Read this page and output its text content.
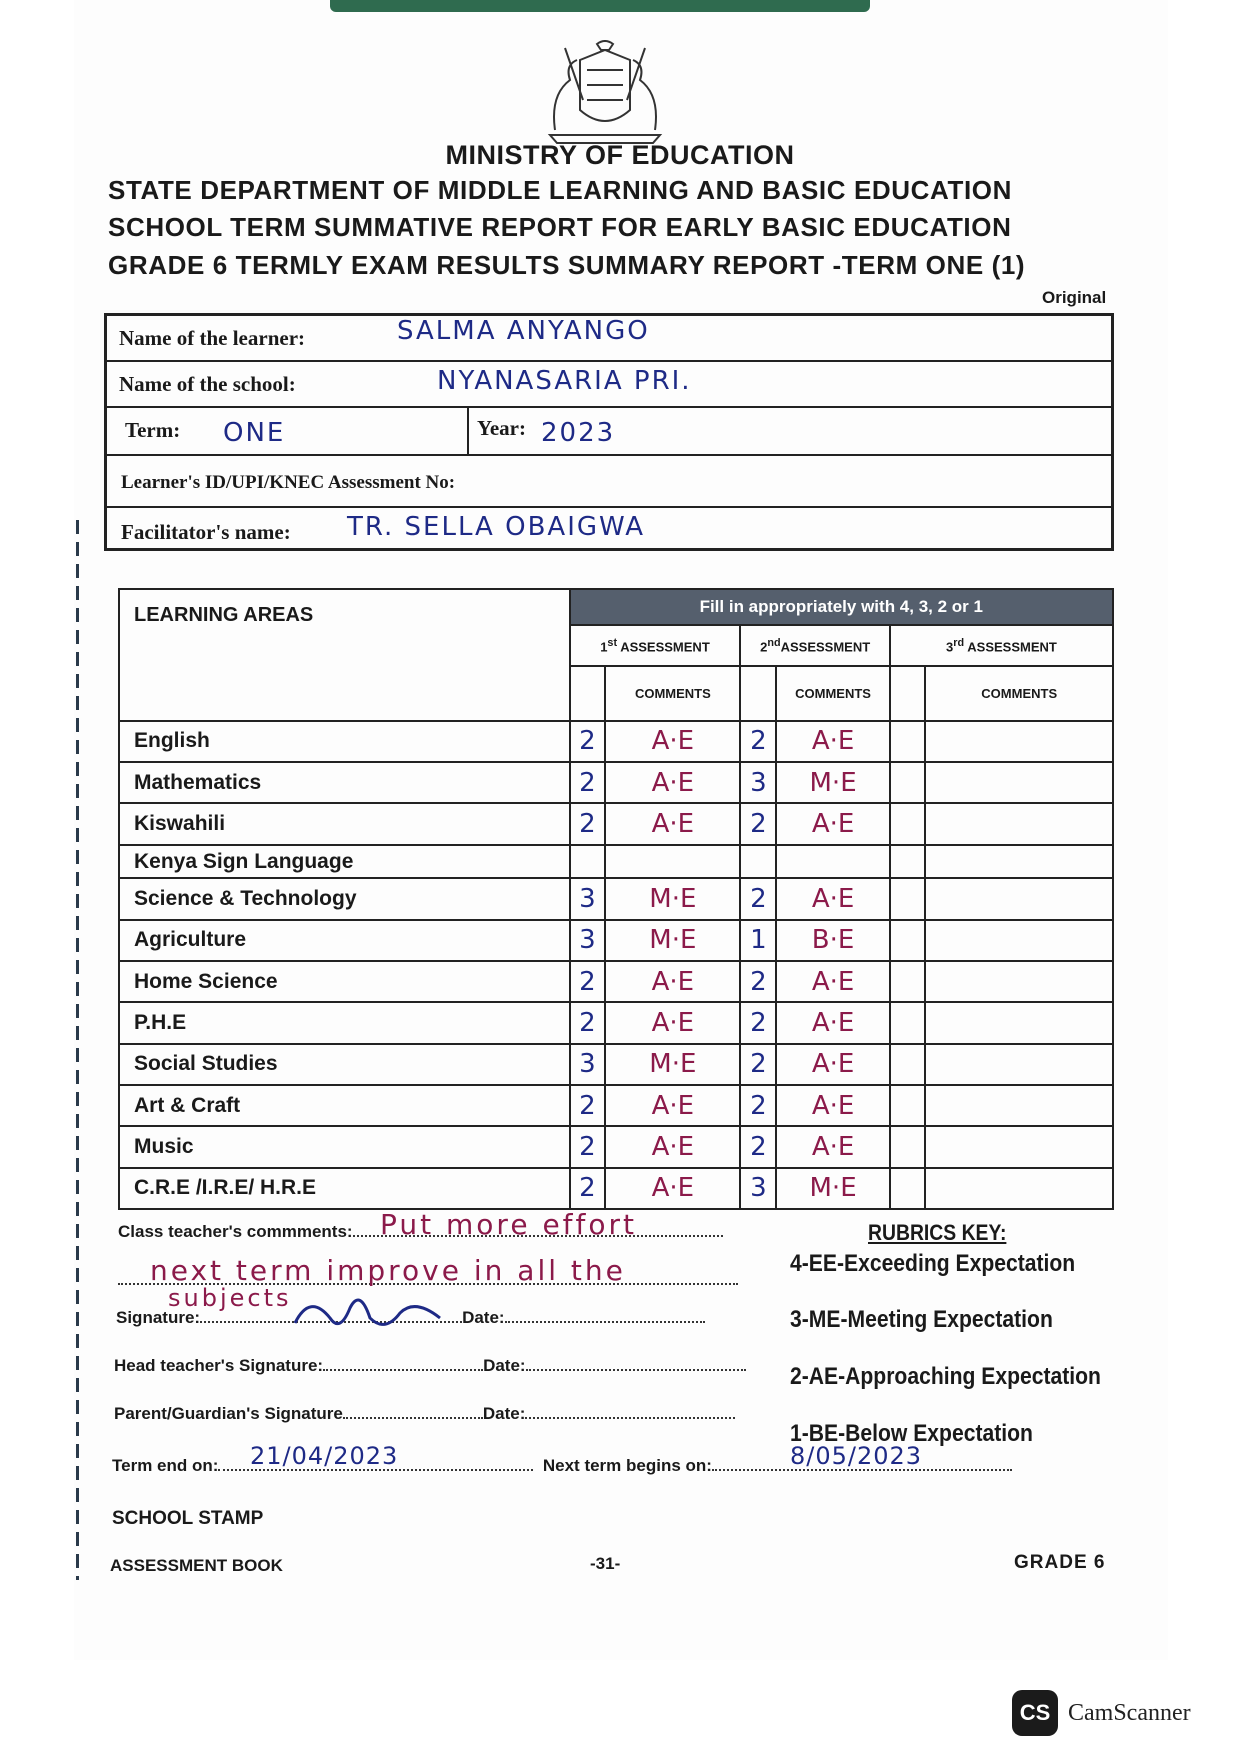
MINISTRY OF EDUCATION
STATE DEPARTMENT OF MIDDLE LEARNING AND BASIC EDUCATION
SCHOOL TERM SUMMATIVE REPORT FOR EARLY BASIC EDUCATION
GRADE 6 TERMLY EXAM RESULTS SUMMARY REPORT -TERM ONE (1)
Original
Name of the learner:	SALMA ANYANGO
Name of the school:	NYANASARIA PRI.
Term: ONE	Year: 2023
Learner's ID/UPI/KNEC Assessment No:
Facilitator's name: TR. SELLA OBAIGWA
LEARNING AREAS	Fill in appropriately with 4, 3, 2 or 1					
	1st ASSESSMENT		2ndASSESSMENT		3rd ASSESSMENT	
		COMMENTS		COMMENTS		COMMENTS
English	2	A·E	2	A·E		
Mathematics	2	A·E	3	M·E		
Kiswahili	2	A·E	2	A·E		
Kenya Sign Language						
Science & Technology	3	M·E	2	A·E		
Agriculture	3	M·E	1	B·E		
Home Science	2	A·E	2	A·E		
P.H.E	2	A·E	2	A·E		
Social Studies	3	M·E	2	A·E		
Art & Craft	2	A·E	2	A·E		
Music	2	A·E	2	A·E		
C.R.E /I.R.E/ H.R.E	2	A·E	3	M·E		
Class teacher's commments: Put more effort
next term improve in all the
subjects
Signature:	Date:
Head teacher's Signature:	Date:
Parent/Guardian's Signature	Date:
Term end on:	Next term begins on:
21/04/2023	8/05/2023
SCHOOL STAMP
RUBRICS KEY:
4-EE-Exceeding Expectation
3-ME-Meeting Expectation
2-AE-Approaching Expectation
1-BE-Below Expectation
ASSESSMENT BOOK	-31-	GRADE 6
CS CamScanner
